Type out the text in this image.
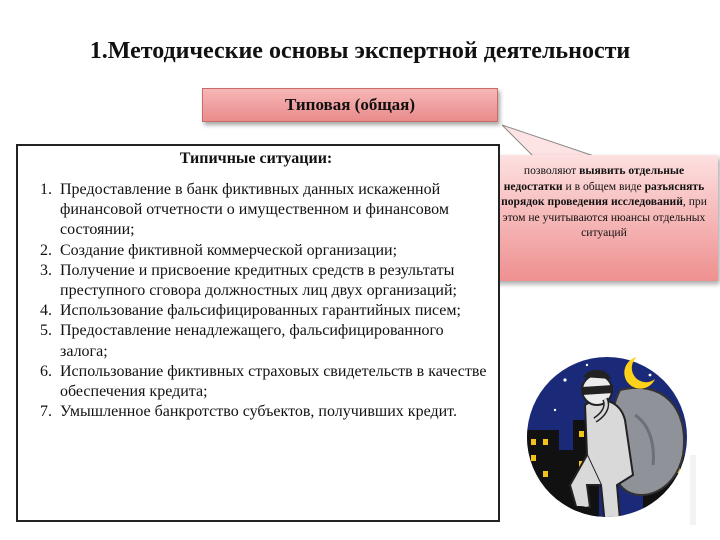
1.Методические основы экспертной деятельности
Типовая (общая)
позволяют выявить отдельные недостатки и в общем виде разъяснять порядок проведения исследований, при этом не учитываются нюансы отдельных ситуаций
Типичные ситуации:
1. Предоставление в банк фиктивных данных искаженной финансовой отчетности о имущественном и финансовом состоянии;
2. Создание фиктивной коммерческой организации;
3. Получение и присвоение кредитных средств в результаты преступного сговора должностных лиц двух организаций;
4. Использование фальсифицированных гарантийных писем;
5. Предоставление ненадлежащего, фальсифицированного залога;
6. Использование фиктивных страховых свидетельств в качестве обеспечения кредита;
7. Умышленное банкротство субъектов, получивших кредит.
